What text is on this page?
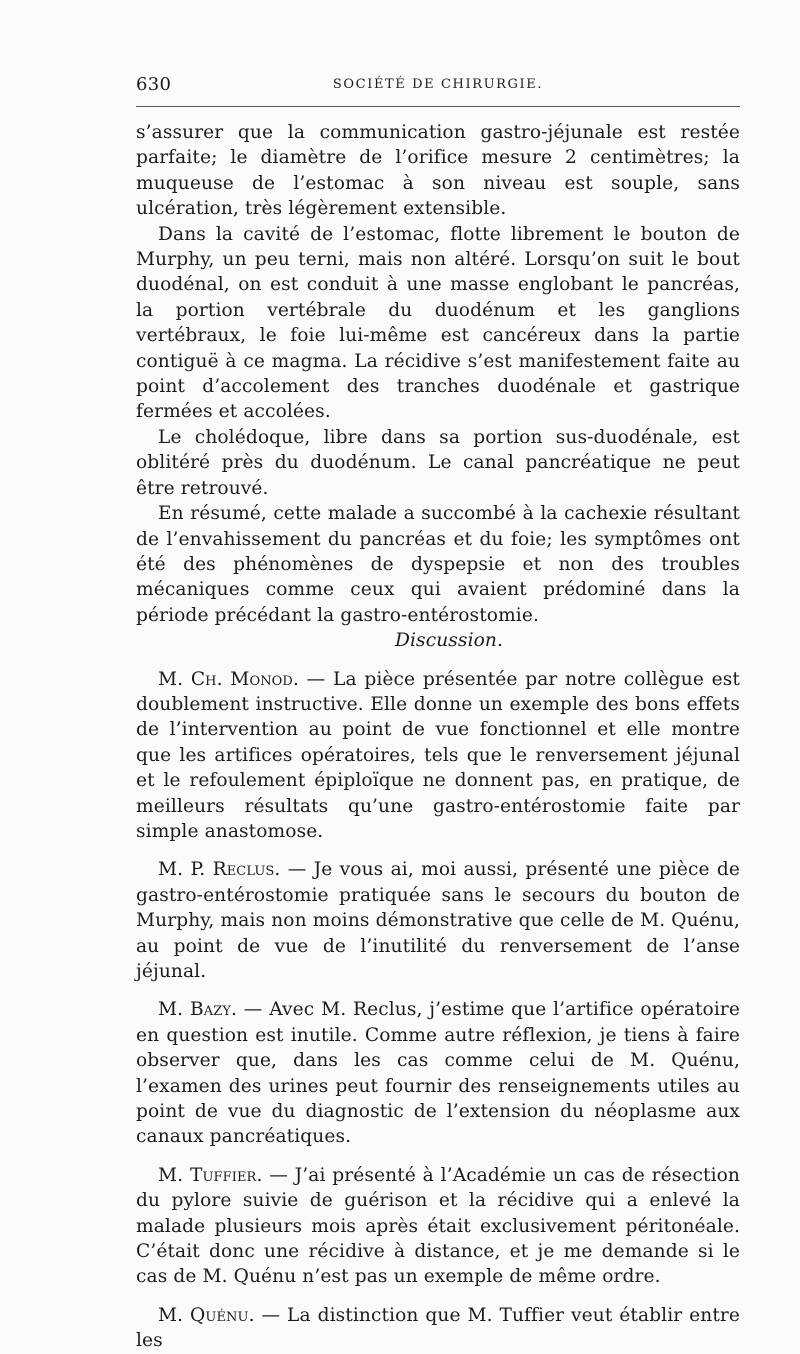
630	SOCIÉTÉ DE CHIRURGIE.

s’assurer que la communication gastro-jéjunale est restée parfaite; le diamètre de l’orifice mesure 2 centimètres; la muqueuse de l’estomac à son niveau est souple, sans ulcération, très légèrement extensible.

Dans la cavité de l’estomac, flotte librement le bouton de Murphy, un peu terni, mais non altéré. Lorsqu’on suit le bout duodénal, on est conduit à une masse englobant le pancréas, la portion vertébrale du duodénum et les ganglions vertébraux, le foie lui-même est cancéreux dans la partie contiguë à ce magma. La récidive s’est manifestement faite au point d’accolement des tranches duodénale et gastrique fermées et accolées.

Le cholédoque, libre dans sa portion sus-duodénale, est oblitéré près du duodénum. Le canal pancréatique ne peut être retrouvé.

En résumé, cette malade a succombé à la cachexie résultant de l’envahissement du pancréas et du foie; les symptômes ont été des phénomènes de dyspepsie et non des troubles mécaniques comme ceux qui avaient prédominé dans la période précédant la gastro-entérostomie.

Discussion.

M. Ch. Monod. — La pièce présentée par notre collègue est doublement instructive. Elle donne un exemple des bons effets de l’intervention au point de vue fonctionnel et elle montre que les artifices opératoires, tels que le renversement jéjunal et le refoulement épiploïque ne donnent pas, en pratique, de meilleurs résultats qu’une gastro-entérostomie faite par simple anastomose.

M. P. Reclus. — Je vous ai, moi aussi, présenté une pièce de gastro-entérostomie pratiquée sans le secours du bouton de Murphy, mais non moins démonstrative que celle de M. Quénu, au point de vue de l’inutilité du renversement de l’anse jéjunal.

M. Bazy. — Avec M. Reclus, j’estime que l’artifice opératoire en question est inutile. Comme autre réflexion, je tiens à faire observer que, dans les cas comme celui de M. Quénu, l’examen des urines peut fournir des renseignements utiles au point de vue du diagnostic de l’extension du néoplasme aux canaux pancréatiques.

M. Tuffier. — J’ai présenté à l’Académie un cas de résection du pylore suivie de guérison et la récidive qui a enlevé la malade plusieurs mois après était exclusivement péritonéale. C’était donc une récidive à distance, et je me demande si le cas de M. Quénu n’est pas un exemple de même ordre.

M. Quénu. — La distinction que M. Tuffier veut établir entre les
